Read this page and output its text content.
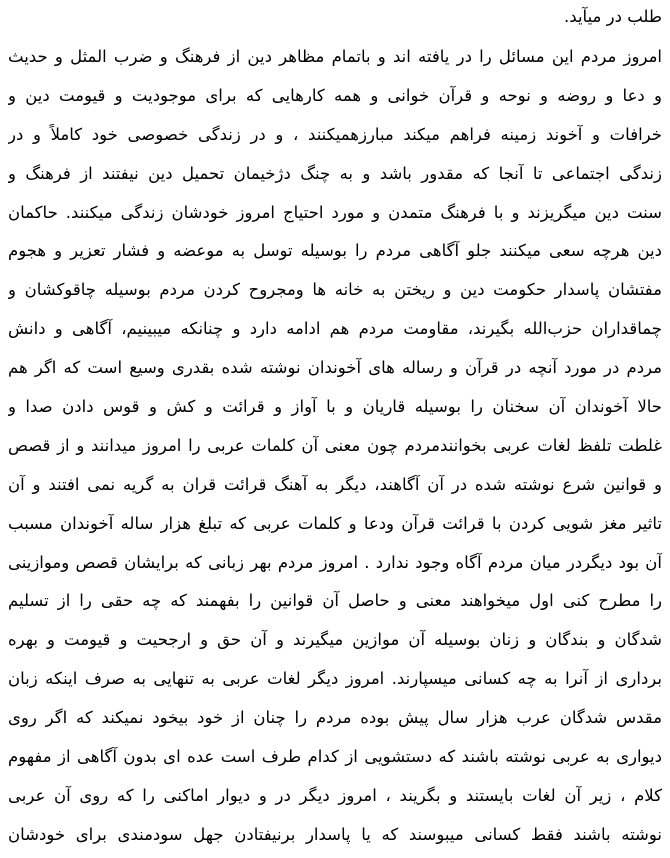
طلب در میآید.
امروز مردم این مسائل را در یافته اند و باتمام مظاهر دین از فرهنگ و ضرب المثل و حدیث
و دعا و روضه و نوحه و قرآن خوانی و همه کارهایی که برای موجودیت و قیومت دین و
خرافات و آخوند زمینه فراهم میکند مبارزهمیکنند ، و در زندگی خصوصی خود کاملاً و در
زندگی اجتماعی تا آنجا که مقدور باشد و به چنگ دژخیمان تحمیل دین نیفتند از فرهنگ و
سنت دین میگریزند و با فرهنگ متمدن و مورد احتیاج امروز خودشان زندگی میکنند. حاکمان
دین هرچه سعی میکنند جلو آگاهی مردم را بوسیله توسل به موعضه و فشار تعزیر و هجوم
مفتشان پاسدار حکومت دین و ریختن به خانه ها ومجروح کردن مردم بوسیله چاقوکشان و
چماقداران حزب‌الله بگیرند، مقاومت مردم هم ادامه دارد و چنانکه میبینیم، آگاهی و دانش
مردم در مورد آنچه در قرآن و رساله های آخوندان نوشته شده بقدری وسیع است که اگر هم
حالا آخوندان آن سخنان را بوسیله قاریان و با آواز و قرائت و کش و قوس دادن صدا و
غلطت تلفظ لغات عربی بخوانندمردم چون معنی آن کلمات عربی را امروز میدانند و از قصص
و قوانین شرع نوشته شده در آن آگاهند، دیگر به آهنگ قرائت قران به گریه نمی افتند و آن
تاثیر مغز شویی کردن با قرائت قرآن ودعا و کلمات عربی که تبلغ هزار ساله آخوندان مسبب
آن بود دیگردر میان مردم آگاه وجود ندارد . امروز مردم بهر زبانی که برایشان قصص وموازینی
را مطرح کنی اول میخواهند معنی و حاصل آن قوانین را بفهمند که چه حقی را از تسلیم
شدگان و بندگان و زنان بوسیله آن موازین میگیرند و آن حق و ارجحیت و قیومت و بهره
برداری از آنرا به چه کسانی میسپارند. امروز دیگر لغات عربی به تنهایی به صرف اینکه زبان
مقدس شدگان عرب هزار سال پیش بوده مردم را چنان از خود بیخود نمیکند که اگر روی
دیواری به عربی نوشته باشند که دستشویی از کدام طرف است عده ای بدون آگاهی از مفهوم
کلام ، زیر آن لغات بایستند و بگریند ، امروز دیگر در و دیوار اماکنی را که روی آن عربی
نوشته باشند فقط کسانی میبوسند که یا پاسدار برنیفتادن جهل سودمندی برای خودشان
